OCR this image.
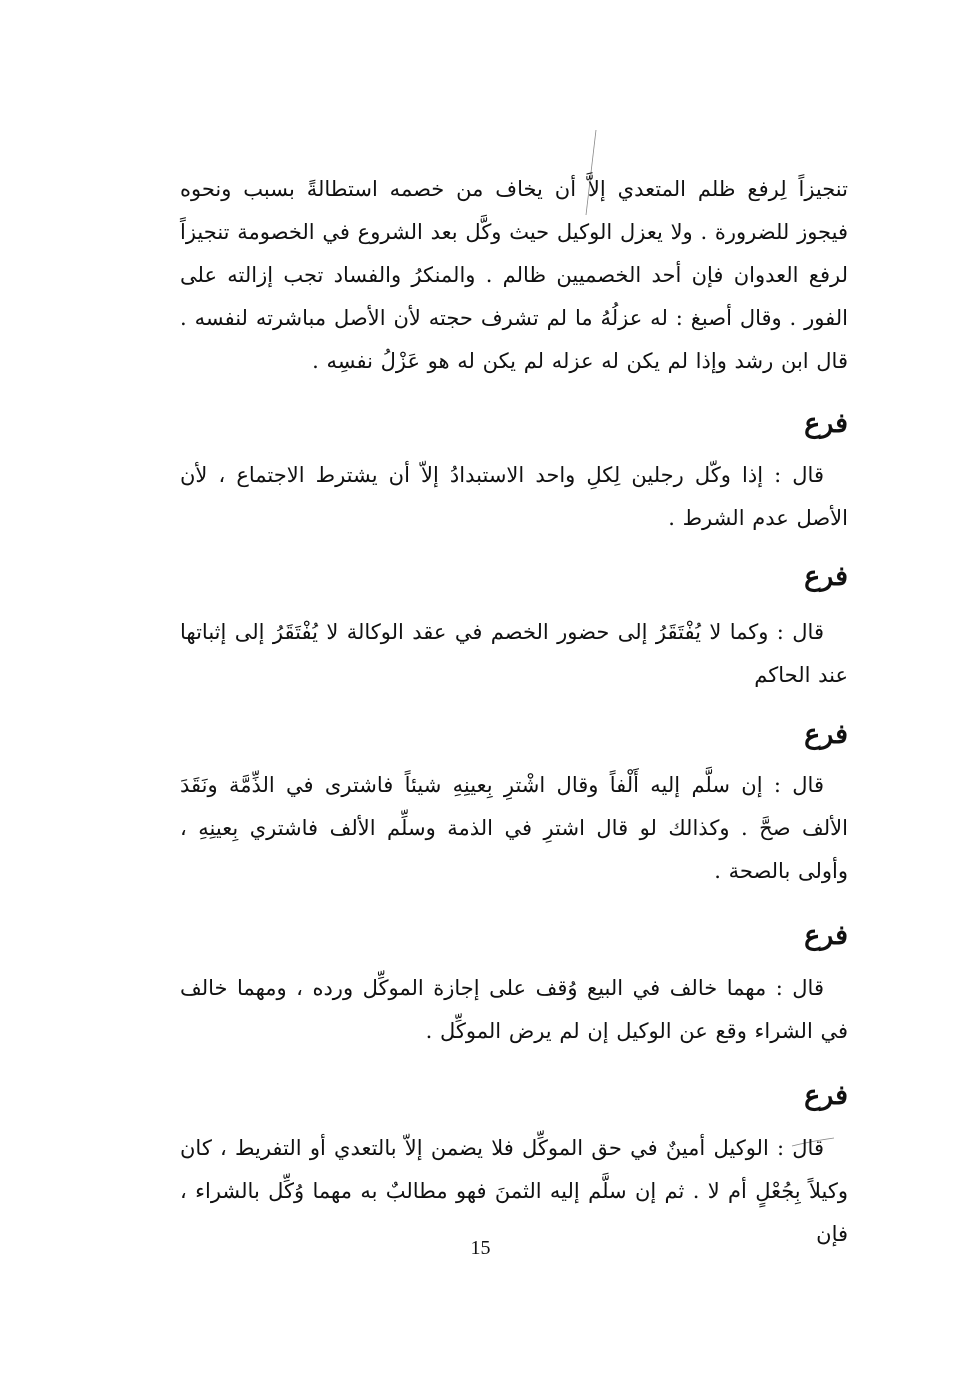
تنجيزاً لِرفع ظلم المتعدي إلاَّ أن يخاف من خصمه استطالةً بسبب ونحوه فيجوز للضرورة . ولا يعزل الوكيل حيث وكَّل بعد الشروع في الخصومة تنجيزاً لرفع العدوان فإن أحد الخصميين ظالم . والمنكرُ والفساد تجب إزالته على الفور . وقال أصبغ : له عزلُهُ ما لم تشرف حجته لأن الأصل مباشرته لنفسه . قال ابن رشد وإذا لم يكن له عزله لم يكن له هو عَزْلُ نفسِه .

فرع

قال : إذا وكّل رجلين لِكلِ واحد الاستبدادُ إلاّ أن يشترط الاجتماع ، لأن الأصل عدم الشرط .

فرع

قال : وكما لا يُفْتَقَرُ إلى حضور الخصم في عقد الوكالة لا يُفْتَقَرُ إلى إثباتها عند الحاكم

فرع

قال : إن سلَّم إليه أَلْفاً وقال اشْترِ بِعينِهِ شيئاً فاشترى في الذِّمَّة ونَقَدَ الألف صحَّ . وكذالك لو قال اشترِ في الذمة وسلِّم الألف فاشتري بِعينِهِ ، وأولى بالصحة .

فرع

قال : مهما خالف في البيع وُقف على إجازة الموكِّل ورده ، ومهما خالف في الشراء وقع عن الوكيل إن لم يرض الموكِّل .

فرع

قال : الوكيل أمينٌ في حق الموكِّل فلا يضمن إلاّ بالتعدي أو التفريط ، كان وكيلاً بِجُعْلٍ أم لا . ثم إن سلَّم إليه الثمنَ فهو مطالبٌ به مهما وُكِّل بالشراء ، فإن

15
